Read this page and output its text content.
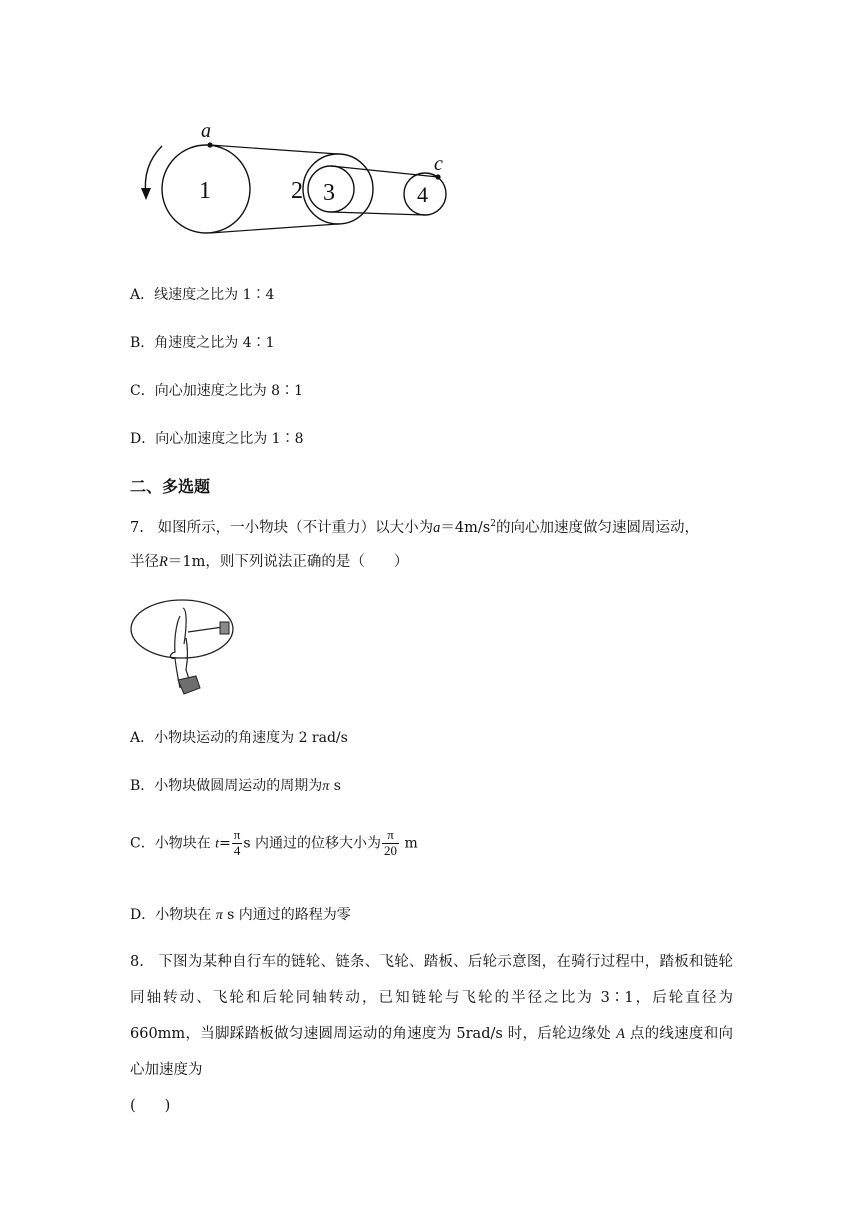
a
c
1	2 3	4
A．线速度之比为 1∶4
B．角速度之比为 4∶1
C．向心加速度之比为 8∶1
D．向心加速度之比为 1∶8
二、多选题
7. 如图所示，一小物块（不计重力）以大小为$a=4m/s^2$的向心加速度做匀速圆周运动，
半径R＝1m，则下列说法正确的是（　　）
A．小物块运动的角速度为 2 rad/s
B．小物块做圆周运动的周期为π s
C．小物块在 $t= \frac{\pi}{4}$ s 内通过的位移大小为 $\frac{\pi}{20}$ m
D．小物块在 π s 内通过的路程为零
8. 下图为某种自行车的链轮、链条、飞轮、踏板、后轮示意图，在骑行过程中，踏板和链轮同轴转动、飞轮和后轮同轴转动，已知链轮与飞轮的半径之比为 3∶1，后轮直径为 660mm，当脚踩踏板做匀速圆周运动的角速度为 5rad/s 时，后轮边缘处 A 点的线速度和向心加速度为
(　　)
